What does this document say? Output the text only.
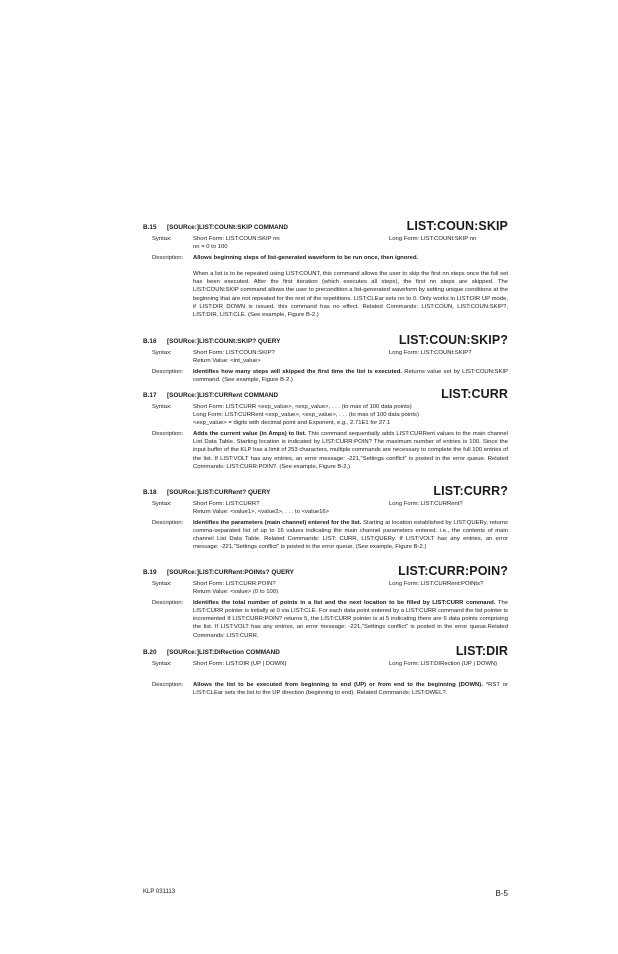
B.15 [SOURce:]LIST:COUNt:SKIP COMMAND	LIST:COUN:SKIP
Syntax:	Short Form: LIST:COUN:SKIP nn	Long Form: LIST:COUNt:SKIP nn
nn = 0 to 100
Description: Allows beginning steps of list-generated waveform to be run once, then ignored.
When a list is to be repeated using LIST:COUNT, this command allows the user to skip the first nn steps once the full set has been executed. After the first iteration (which executes all steps), the first nn steps are skipped. The LIST:COUN:SKIP command allows the user to precondition a list-generated waveform by setting unique conditions at the beginning that are not repeated for the rest of the repetitions. LIST:CLEar sets nn to 0. Only works in LIST:DIR UP mode, if LIST:DIR DOWN is issued, this command has no effect. Related Commands: LIST:COUN, LIST:COUN:SKIP?, LIST:DIR, LIST:CLE. (See example, Figure B-2.)
B.16 [SOURce:]LIST:COUNt:SKIP? QUERY	LIST:COUN:SKIP?
Syntax:	Short Form: LIST:COUN:SKIP?	Long Form: LIST:COUNt:SKIP?
Return Value: <int_value>
Description: Identifies how many steps will skipped the first time the list is executed. Returns value set by LIST:COUN:SKIP command. (See example, Figure B-2.)
B.17 [SOURce:]LIST:CURRent COMMAND	LIST:CURR
Syntax:	Short Form: LIST:CURR <exp_value>, <exp_value>, . . . (to max of 100 data points)
Long Form: LIST:CURRent <exp_value>, <exp_value>, . . . (to max of 100 data points)
<exp_value> = digits with decimal point and Exponent, e.g., 2.71E1 for 27.1
Description: Adds the current value (in Amps) to list. This command sequentially adds LIST:CURRent values to the main channel List Data Table. Starting location is indicated by LIST:CURR:POIN? The maximum number of entries is 100. Since the input buffer of the KLP has a limit of 253 characters, multiple commands are necessary to complete the full 100 entries of the list. If LIST:VOLT has any entries, an error message: -221,"Settings conflict" is posted in the error queue. Related Commands: LIST:CURR:POIN?. (See example, Figure B-2.)
B.18 [SOURce:]LIST:CURRent? QUERY	LIST:CURR?
Syntax:	Short Form: LIST:CURR?	Long Form: LIST:CURRent?
Return Value: <value1>, <value2>, . . . to <value16>
Description: Identifies the parameters (main channel) entered for the list. Starting at location established by LIST:QUERy, returns comma-separated list of up to 16 values indicating the main channel parameters entered. i.e., the contents of main channel List Data Table. Related Commands: LIST: CURR, LIST:QUERy. If LIST:VOLT has any entries, an error message: -221,"Settings conflict" is posted in the error queue. (See example, Figure B-2.)
B.19 [SOURce:]LIST:CURRent:POINts? QUERY	LIST:CURR:POIN?
Syntax:	Short Form: LIST:CURR:POIN?	Long Form: LIST:CURRent:POINts?
Return Value: <value> (0 to 100)
Description: Identifies the total number of points in a list and the next location to be filled by LIST:CURR command. The LIST:CURR pointer is initially at 0 via LIST:CLE. For each data point entered by a LIST:CURR command the list pointer is incremented If LIST:CURR:POIN? returns 5, the LIST:CURR pointer is at 5 indicating there are 6 data points comprising the list. If LIST:VOLT has any entries, an error message: -221,"Settings conflict" is posted in the error queue.Related Commands: LIST:CURR.
B.20 [SOURce:]LIST:DIRection COMMAND	LIST:DIR
Syntax:	Short Form: LIST:DIR {UP | DOWN}	Long Form: LIST:DIRection {UP | DOWN}
Description: Allows the list to be executed from beginning to end (UP) or from end to the beginning (DOWN). *RST or LIST:CLEar sets the list to the UP direction (beginning to end). Related Commands: LIST:DWEL?.
KLP 031113	B-5
